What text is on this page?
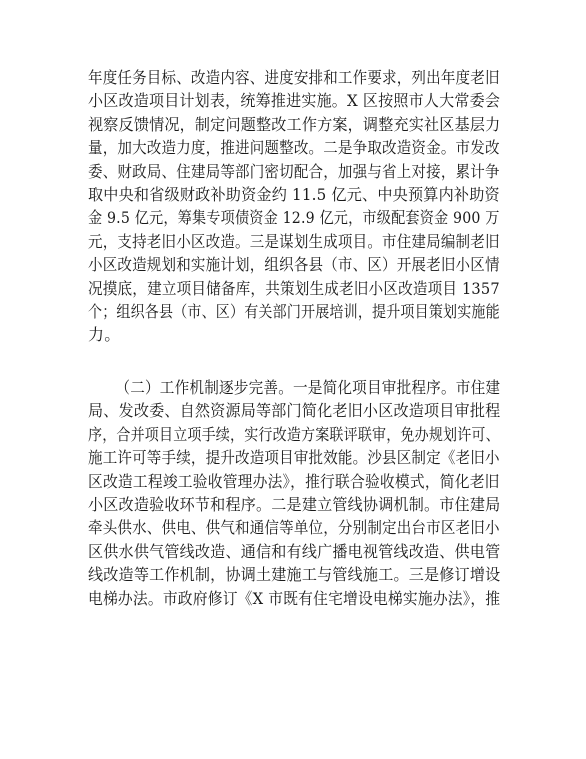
年度任务目标、改造内容、进度安排和工作要求，列出年度老旧
小区改造项目计划表，统筹推进实施。X 区按照市人大常委会
视察反馈情况，制定问题整改工作方案，调整充实社区基层力
量，加大改造力度，推进问题整改。二是争取改造资金。市发改
委、财政局、住建局等部门密切配合，加强与省上对接，累计争
取中央和省级财政补助资金约 11.5 亿元、中央预算内补助资
金 9.5 亿元，筹集专项债资金 12.9 亿元，市级配套资金 900 万
元，支持老旧小区改造。三是谋划生成项目。市住建局编制老旧
小区改造规划和实施计划，组织各县（市、区）开展老旧小区情
况摸底，建立项目储备库，共策划生成老旧小区改造项目 1357
个；组织各县（市、区）有关部门开展培训，提升项目策划实施能
力。
（二）工作机制逐步完善。一是简化项目审批程序。市住建
局、发改委、自然资源局等部门简化老旧小区改造项目审批程
序，合并项目立项手续，实行改造方案联评联审，免办规划许可、
施工许可等手续，提升改造项目审批效能。沙县区制定《老旧小
区改造工程竣工验收管理办法》，推行联合验收模式，简化老旧
小区改造验收环节和程序。二是建立管线协调机制。市住建局
牵头供水、供电、供气和通信等单位，分别制定出台市区老旧小
区供水供气管线改造、通信和有线广播电视管线改造、供电管
线改造等工作机制，协调土建施工与管线施工。三是修订增设
电梯办法。市政府修订《X 市既有住宅增设电梯实施办法》，推
